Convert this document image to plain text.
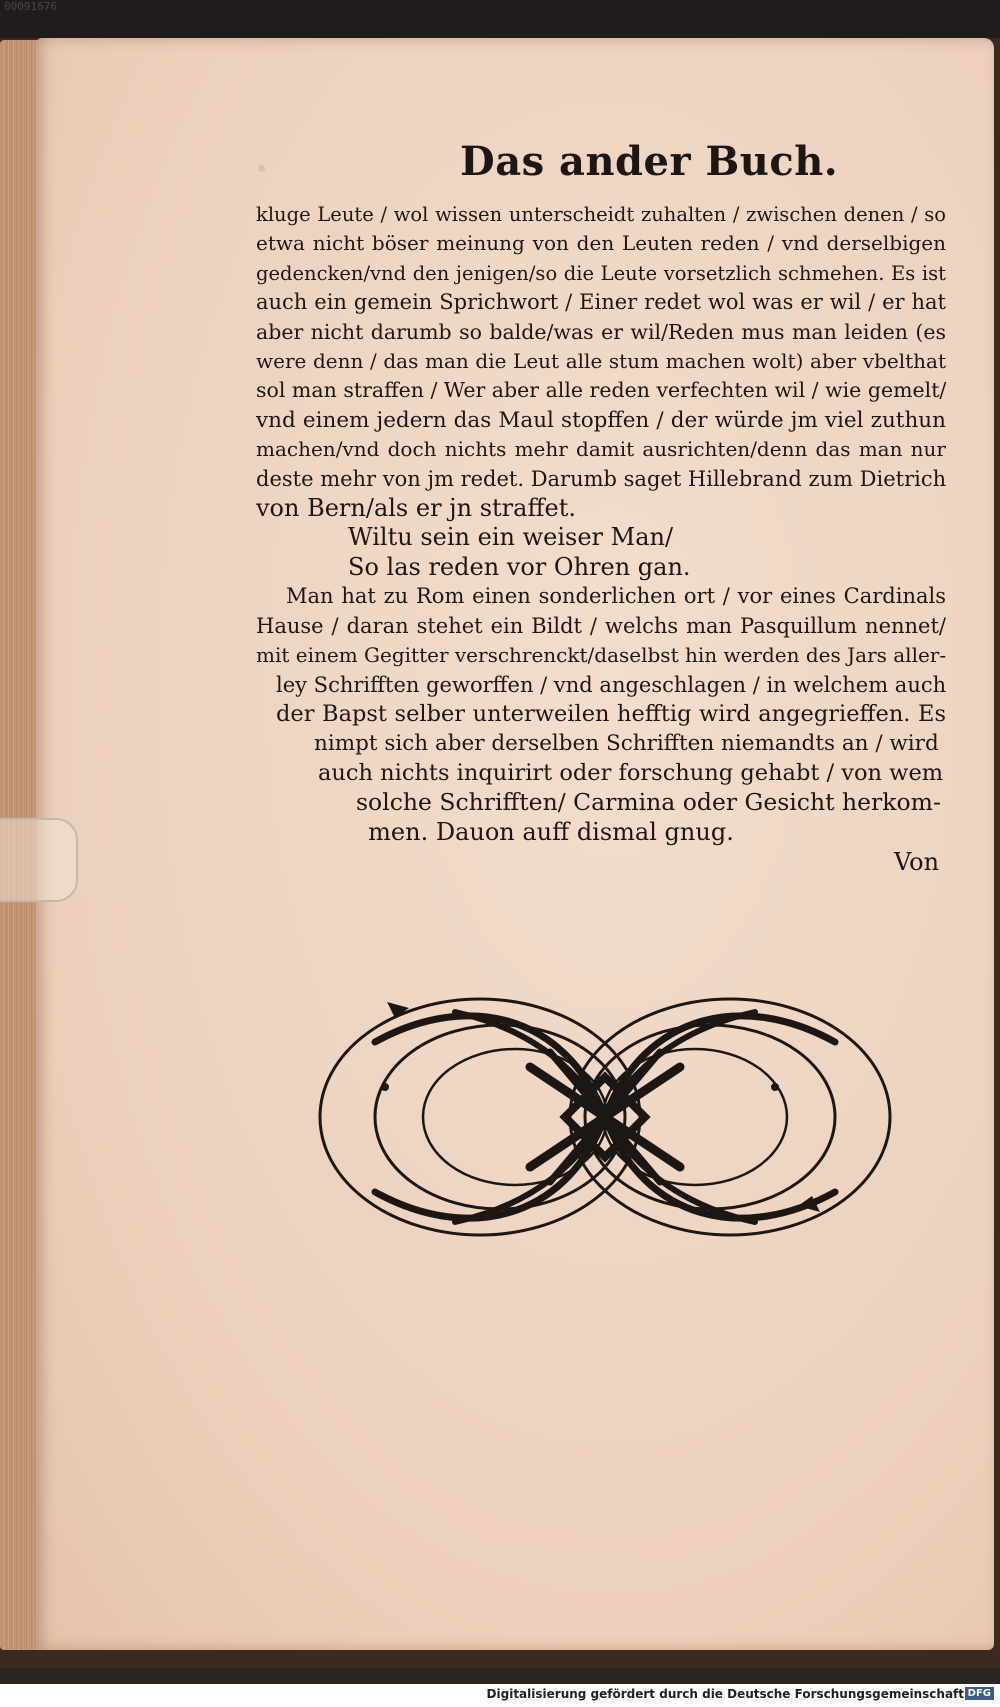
00091676
·	Das ander Buch.
kluge Leute / wol wissen unterscheidt zuhalten / zwischen denen / so
etwa nicht böser meinung von den Leuten reden / vnd derselbigen
gedencken/vnd den jenigen/so die Leute vorsetzlich schmehen. Es ist
auch ein gemein Sprichwort / Einer redet wol was er wil / er hat
aber nicht darumb so balde/was er wil/Reden mus man leiden (es
were denn / das man die Leut alle stum machen wolt) aber vbelthat
sol man straffen / Wer aber alle reden verfechten wil / wie gemelt/
vnd einem jedern das Maul stopffen / der würde jm viel zuthun
machen/vnd doch nichts mehr damit ausrichten/denn das man nur
deste mehr von jm redet. Darumb saget Hillebrand zum Dietrich
von Bern/als er jn straffet.
Wiltu sein ein weiser Man/
So las reden vor Ohren gan.
Man hat zu Rom einen sonderlichen ort / vor eines Cardinals
Hause / daran stehet ein Bildt / welchs man Pasquillum nennet/
mit einem Gegitter verschrenckt/daselbst hin werden des Jars aller-
ley Schrifften geworffen / vnd angeschlagen / in welchem auch
der Bapst selber unterweilen hefftig wird angegrieffen. Es
nimpt sich aber derselben Schrifften niemandts an / wird
auch nichts inquirirt oder forschung gehabt / von wem
solche Schrifften/ Carmina oder Gesicht herkom-
men. Dauon auff dismal gnug.
Von
Digitalisierung gefördert durch die Deutsche Forschungsgemeinschaft DFG
